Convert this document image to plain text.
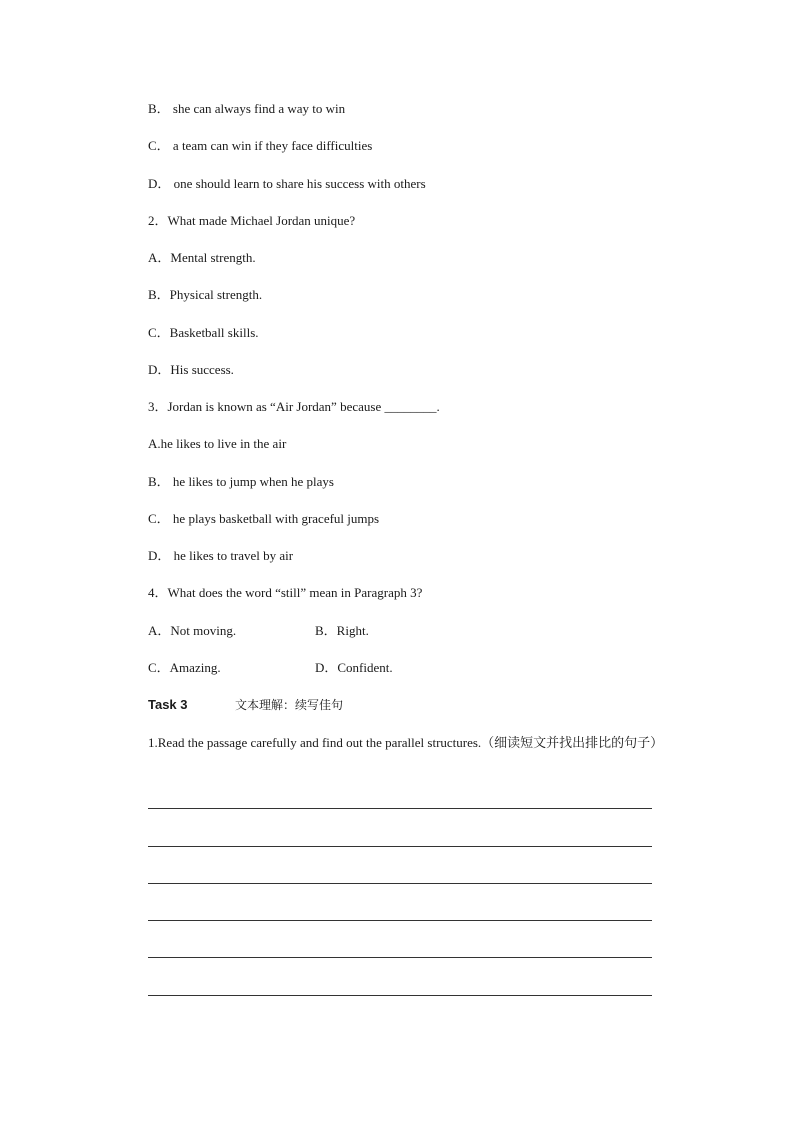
B． she can always find a way to win
C． a team can win if they face difficulties
D． one should learn to share his success with others
2．What made Michael Jordan unique?
A．Mental strength.
B．Physical strength.
C．Basketball skills.
D．His success.
3．Jordan is known as “Air Jordan” because ________.
A.he likes to live in the air
B． he likes to jump when he plays
C． he plays basketball with graceful jumps
D． he likes to travel by air
4．What does the word “still” mean in Paragraph 3?
A．Not moving.	B．Right.
C．Amazing.	D．Confident.
Task 3	文本理解：续写佳句
1.Read the passage carefully and find out the parallel structures.（细读短文并找出排比的句子）
